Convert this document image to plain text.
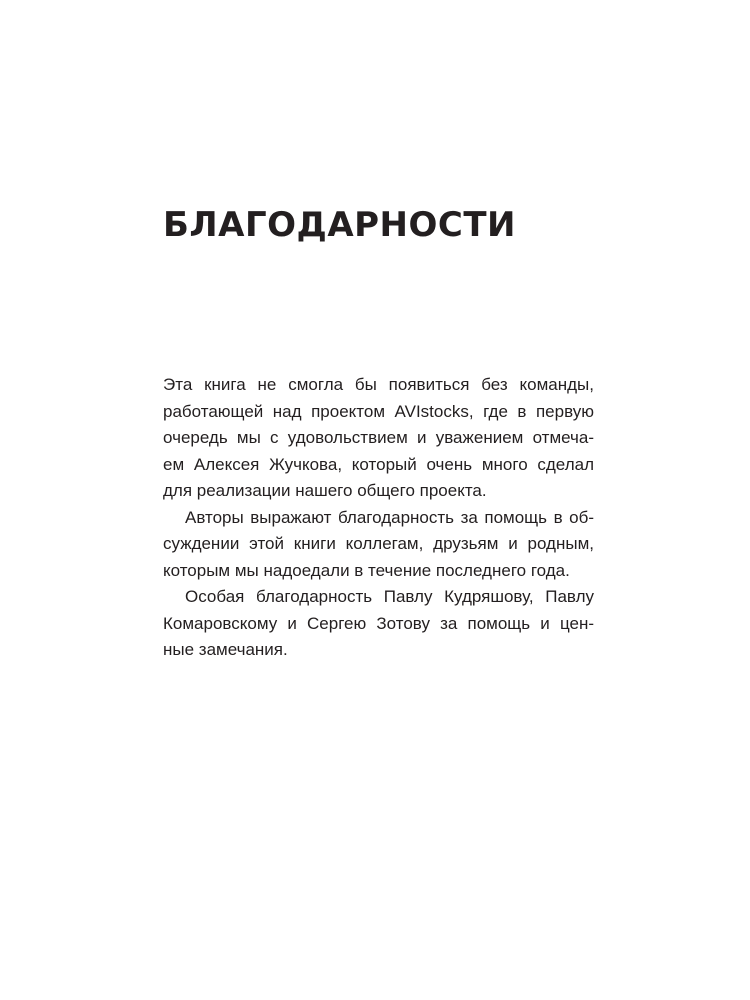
БЛАГОДАРНОСТИ

Эта книга не смогла бы появиться без команды,
работающей над проектом AVIstocks, где в первую
очередь мы с удовольствием и уважением отмеча-
ем Алексея Жучкова, который очень много сделал
для реализации нашего общего проекта.

Авторы выражают благодарность за помощь в об-
суждении этой книги коллегам, друзьям и родным,
которым мы надоедали в течение последнего года.

Особая благодарность Павлу Кудряшову, Павлу
Комаровскому и Сергею Зотову за помощь и цен-
ные замечания.
